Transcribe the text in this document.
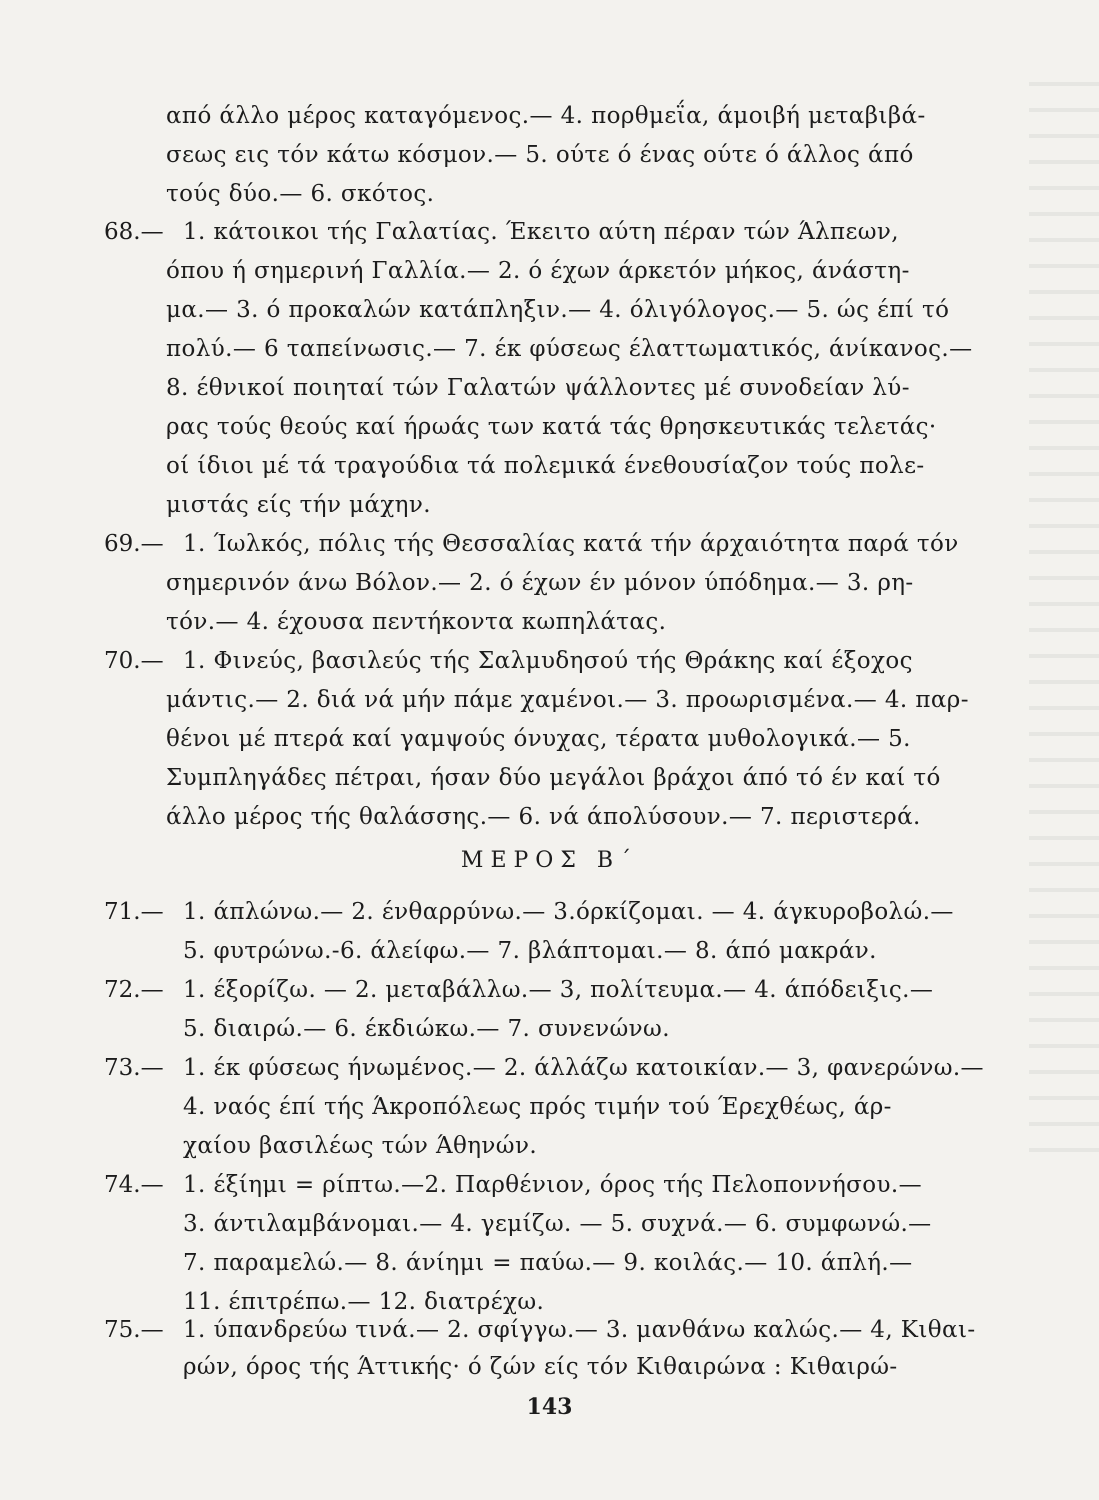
από άλλο μέρος καταγόμενος.— 4. πορθμεΐα, άμοιβή μεταβιβά-
σεως εις τόν κάτω κόσμον.— 5. ούτε ό ένας ούτε ό άλλος άπό
τούς δύο.— 6. σκότος.
68.— 1. κάτοικοι τής Γαλατίας. Έκειτο αύτη πέραν τών Άλπεων,
όπου ή σημερινή Γαλλία.— 2. ό έχων άρκετόν μήκος, άνάστη-
μα.— 3. ό προκαλών κατάπληξιν.— 4. όλιγόλογος.— 5. ώς έπί τό
πολύ.— 6 ταπείνωσις.— 7. έκ φύσεως έλαττωματικός, άνίκανος.—
8. έθνικοί ποιηταί τών Γαλατών ψάλλοντες μέ συνοδείαν λύ-
ρας τούς θεούς καί ήρωάς των κατά τάς θρησκευτικάς τελετάς·
οί ίδιοι μέ τά τραγούδια τά πολεμικά ένεθουσίαζον τούς πολε-
μιστάς είς τήν μάχην.
69.— 1. Ίωλκός, πόλις τής Θεσσαλίας κατά τήν άρχαιότητα παρά τόν
σημερινόν άνω Βόλον.— 2. ό έχων έν μόνον ύπόδημα.— 3. ρη-
τόν.— 4. έχουσα πεντήκοντα κωπηλάτας.
70.— 1. Φινεύς, βασιλεύς τής Σαλμυδησού τής Θράκης καί έξοχος
μάντις.— 2. διά νά μήν πάμε χαμένοι.— 3. προωρισμένα.— 4. παρ-
θένοι μέ πτερά καί γαμψούς όνυχας, τέρατα μυθολογικά.— 5.
Συμπληγάδες πέτραι, ήσαν δύο μεγάλοι βράχοι άπό τό έν καί τό
άλλο μέρος τής θαλάσσης.— 6. νά άπολύσουν.— 7. περιστερά.
ΜΕΡΟΣ Β΄
71.— 1. άπλώνω.— 2. ένθαρρύνω.— 3.όρκίζομαι. — 4. άγκυροβολώ.—
5. φυτρώνω.-6. άλείφω.— 7. βλάπτομαι.— 8. άπό μακράν.
72.— 1. έξορίζω. — 2. μεταβάλλω.— 3, πολίτευμα.— 4. άπόδειξις.—
5. διαιρώ.— 6. έκδιώκω.— 7. συνενώνω.
73.— 1. έκ φύσεως ήνωμένος.— 2. άλλάζω κατοικίαν.— 3, φανερώνω.—
4. ναός έπί τής Άκροπόλεως πρός τιμήν τού Έρεχθέως, άρ-
χαίου βασιλέως τών Άθηνών.
74.— 1. έξίημι = ρίπτω.—2. Παρθένιον, όρος τής Πελοποννήσου.—
3. άντιλαμβάνομαι.— 4. γεμίζω. — 5. συχνά.— 6. συμφωνώ.—
7. παραμελώ.— 8. άνίημι = παύω.— 9. κοιλάς.— 10. άπλή.—
11. έπιτρέπω.— 12. διατρέχω.
75.— 1. ύπανδρεύω τινά.— 2. σφίγγω.— 3. μανθάνω καλώς.— 4, Κιθαι-
ρών, όρος τής Άττικής· ό ζών είς τόν Κιθαιρώνα : Κιθαιρώ-
143
